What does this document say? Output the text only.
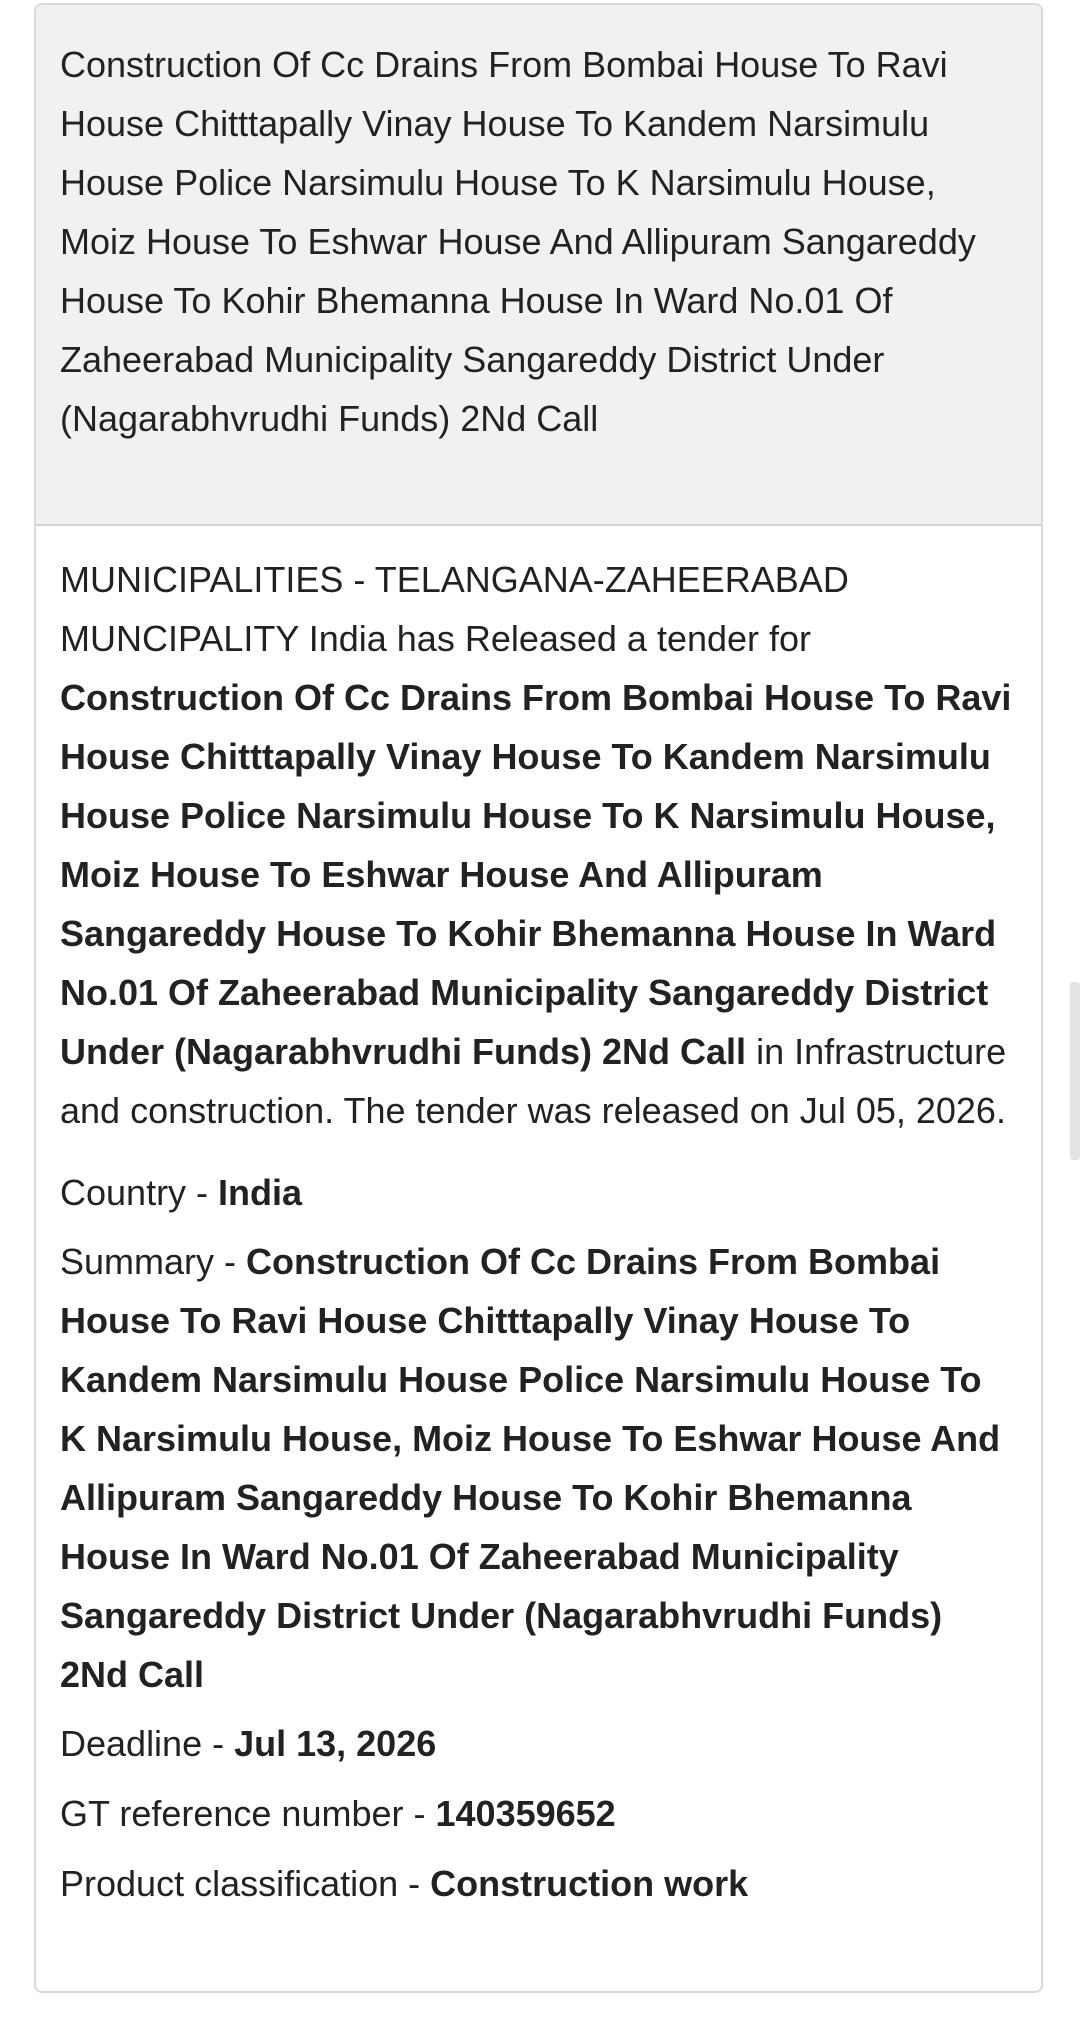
Construction Of Cc Drains From Bombai House To Ravi House Chitttapally Vinay House To Kandem Narsimulu House Police Narsimulu House To K Narsimulu House, Moiz House To Eshwar House And Allipuram Sangareddy House To Kohir Bhemanna House In Ward No.01 Of Zaheerabad Municipality Sangareddy District Under (Nagarabhvrudhi Funds) 2Nd Call

MUNICIPALITIES - TELANGANA-ZAHEERABAD MUNCIPALITY India has Released a tender for Construction Of Cc Drains From Bombai House To Ravi House Chitttapally Vinay House To Kandem Narsimulu House Police Narsimulu House To K Narsimulu House, Moiz House To Eshwar House And Allipuram Sangareddy House To Kohir Bhemanna House In Ward No.01 Of Zaheerabad Municipality Sangareddy District Under (Nagarabhvrudhi Funds) 2Nd Call in Infrastructure and construction. The tender was released on Jul 05, 2026.

Country - India

Summary - Construction Of Cc Drains From Bombai House To Ravi House Chitttapally Vinay House To Kandem Narsimulu House Police Narsimulu House To K Narsimulu House, Moiz House To Eshwar House And Allipuram Sangareddy House To Kohir Bhemanna House In Ward No.01 Of Zaheerabad Municipality Sangareddy District Under (Nagarabhvrudhi Funds) 2Nd Call

Deadline - Jul 13, 2026

GT reference number - 140359652

Product classification - Construction work
